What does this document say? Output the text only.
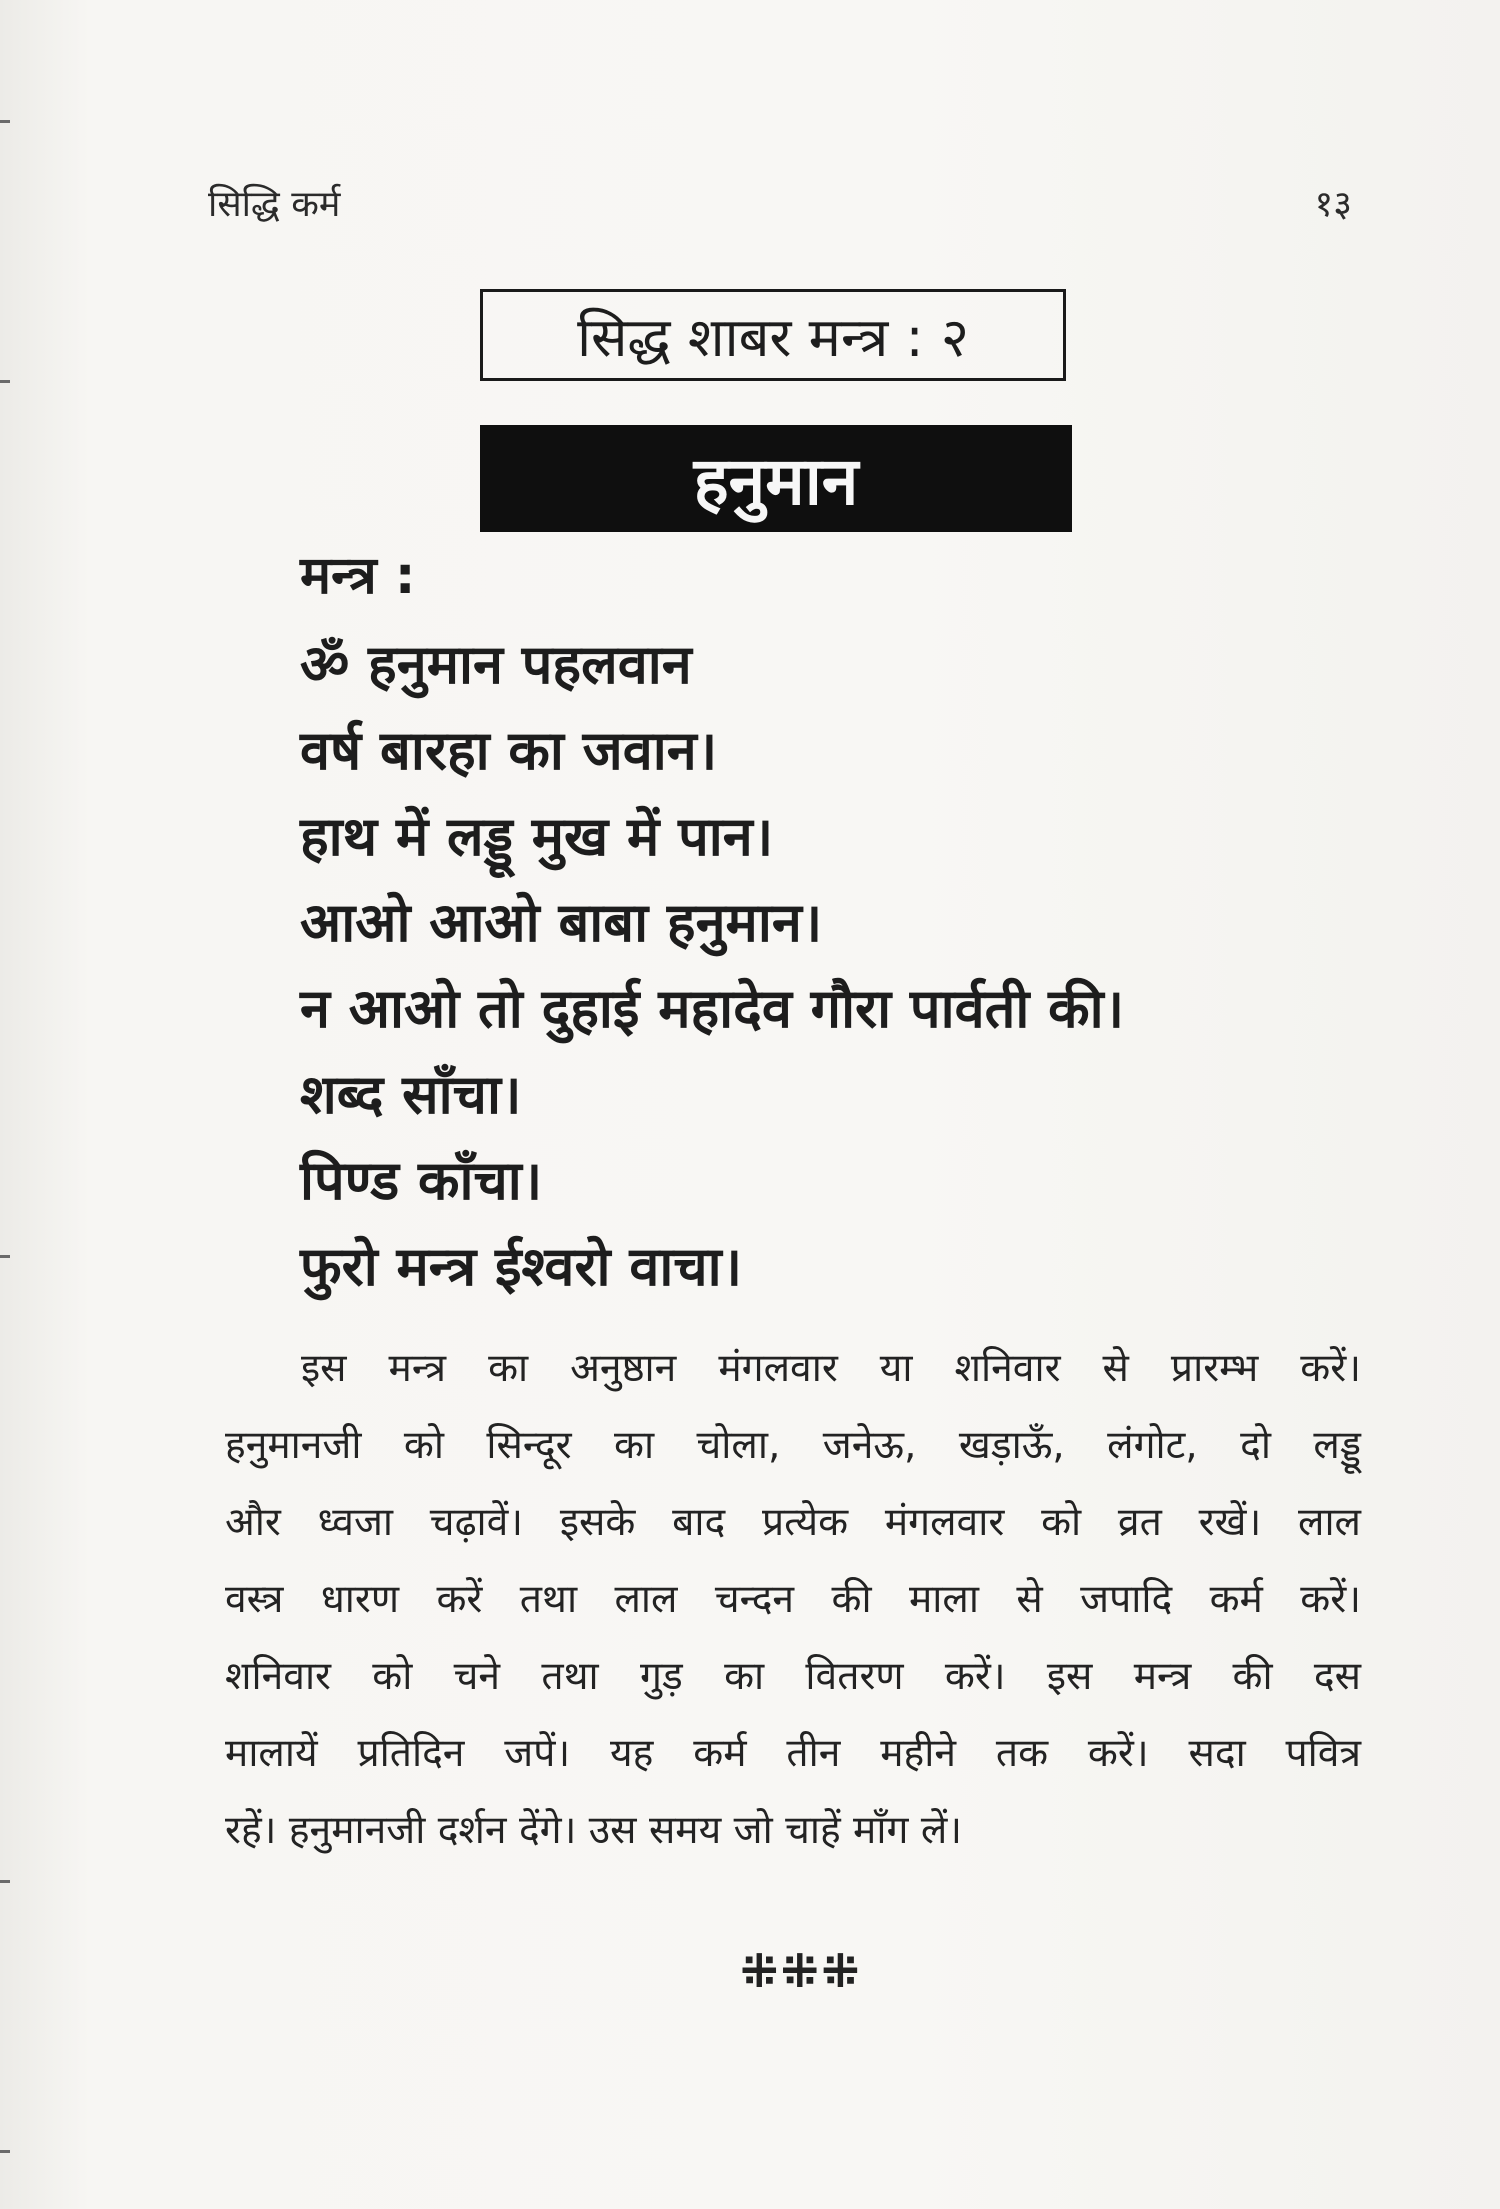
सिद्धि कर्म	१३
सिद्ध शाबर मन्त्र : २
हनुमान
मन्त्र :
ॐ हनुमान पहलवान
वर्ष बारहा का जवान।
हाथ में लड्डू मुख में पान।
आओ आओ बाबा हनुमान।
न आओ तो दुहाई महादेव गौरा पार्वती की।
शब्द साँचा।
पिण्ड काँचा।
फुरो मन्त्र ईश्वरो वाचा।
इस मन्त्र का अनुष्ठान मंगलवार या शनिवार से प्रारम्भ करें।
हनुमानजी को सिन्दूर का चोला, जनेऊ, खड़ाऊँ, लंगोट, दो लड्डू
और ध्वजा चढ़ावें। इसके बाद प्रत्येक मंगलवार को व्रत रखें। लाल
वस्त्र धारण करें तथा लाल चन्दन की माला से जपादि कर्म करें।
शनिवार को चने तथा गुड़ का वितरण करें। इस मन्त्र की दस
मालायें प्रतिदिन जपें। यह कर्म तीन महीने तक करें। सदा पवित्र
रहें। हनुमानजी दर्शन देंगे। उस समय जो चाहें माँग लें।
⁜⁜⁜
